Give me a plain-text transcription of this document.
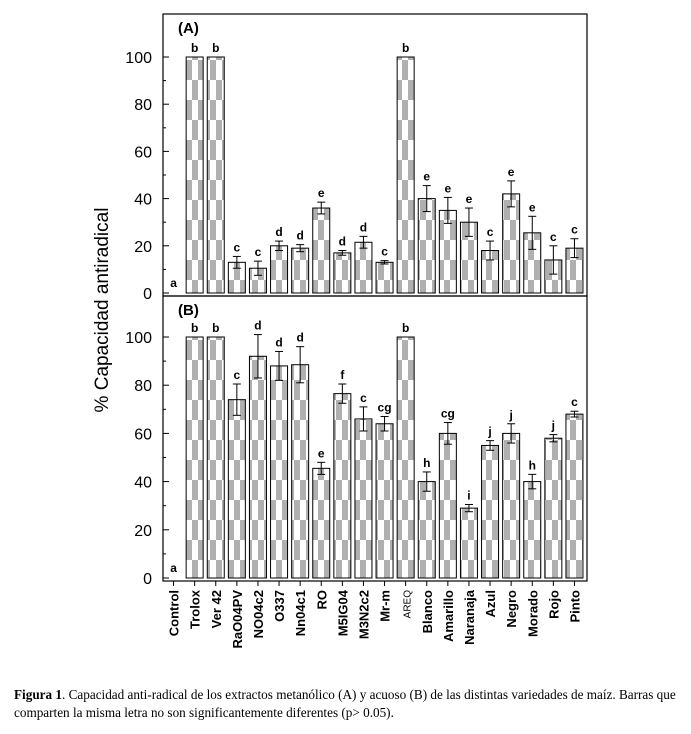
0
20
40
60
80
100
(A)
a
b b
c c
d d
e
d
d
c
b
e
e
e
c
e
e
c
c
0
20
40
60
80
100
(B)
a
Control
b
Trolox
b
Ver 42
c
RaO04PV
d
NO04c2
d
O337
d
Nn04c1
e
RO
f
M5IG04
c
M3N2c2
cg
Mr-m
b
AREQ
h
Blanco
cg
Amarillo
i
Naranaja
j
Azul
j
Negro
h
Morado
j
Rojo
c
Pinto
% Capacidad antiradical
Figura 1. Capacidad anti-radical de los extractos metanólico (A) y acuoso (B) de las distintas variedades de maíz. Barras que comparten la misma letra no son significantemente diferentes (p> 0.05).
